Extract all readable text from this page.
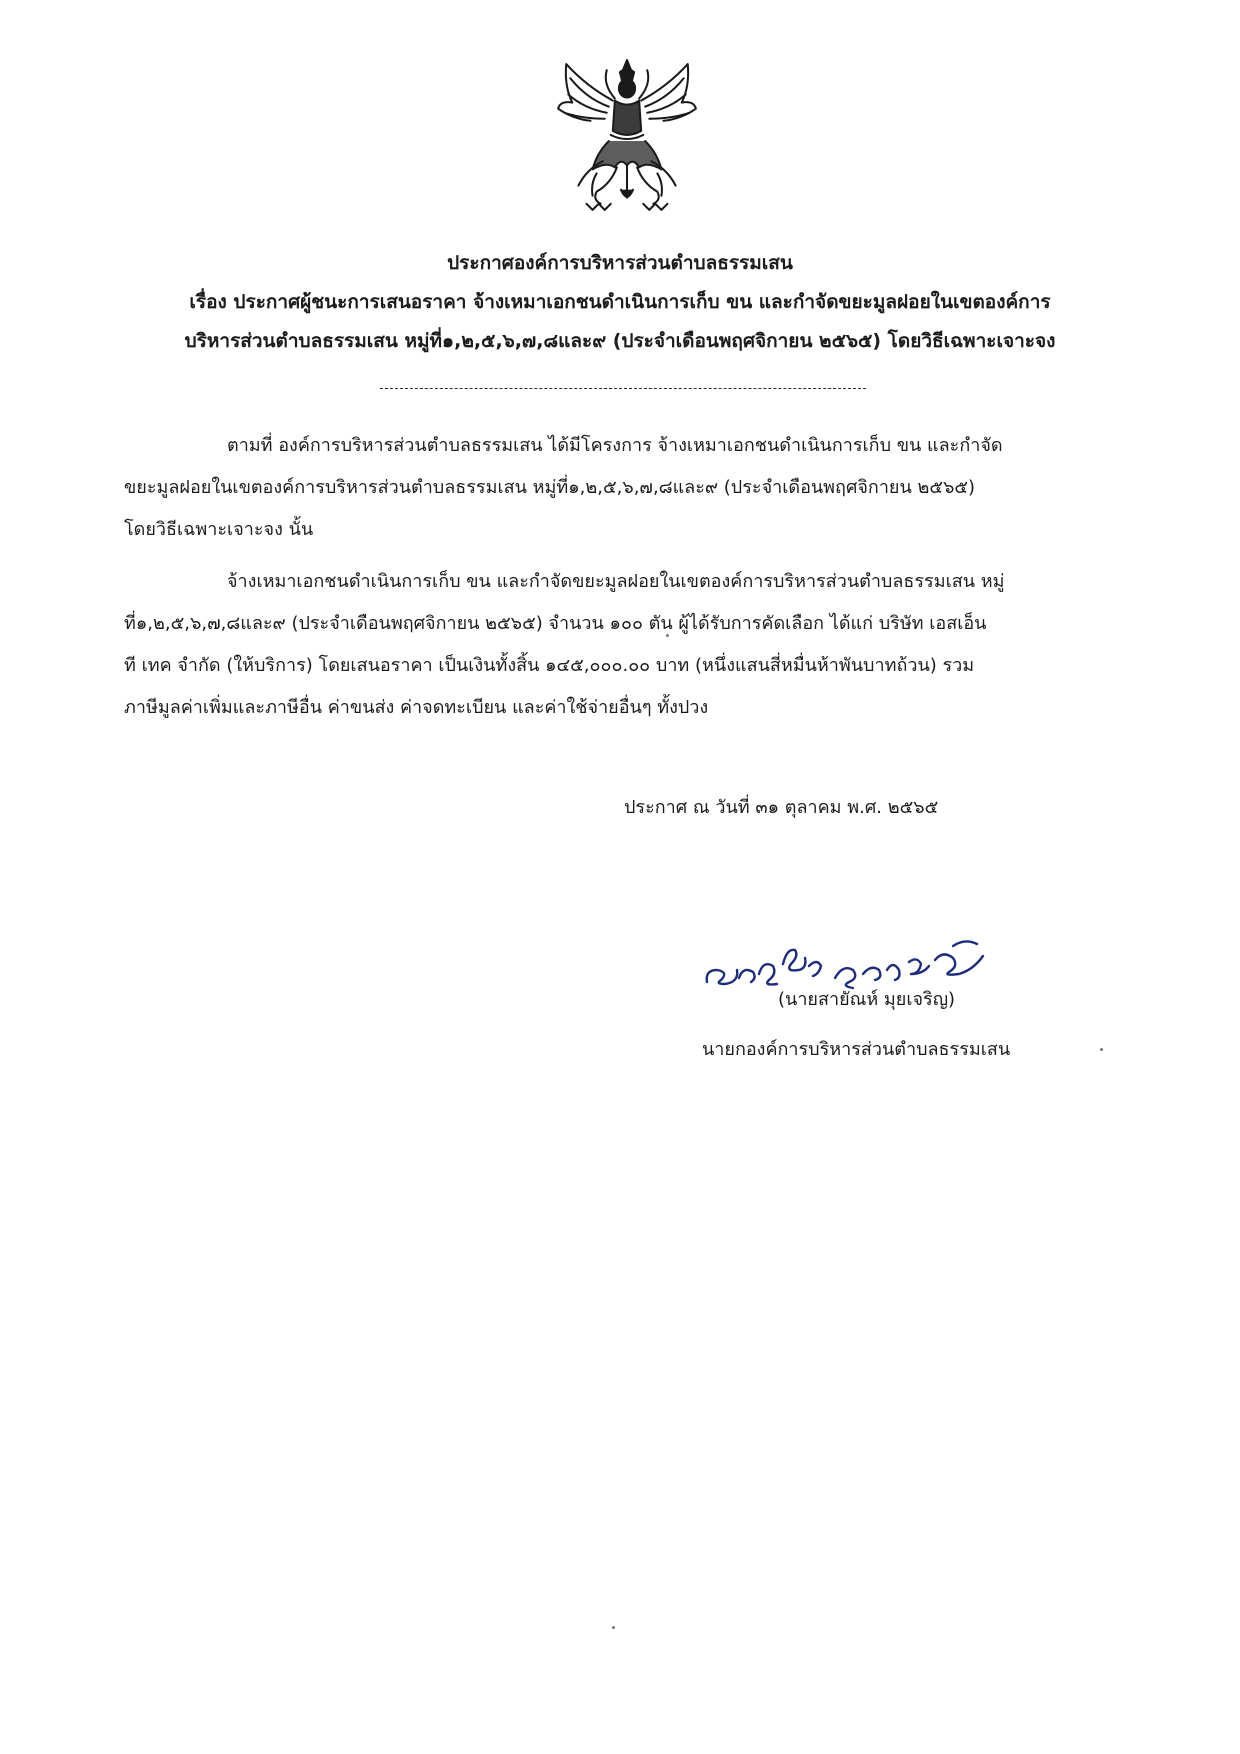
ประกาศองค์การบริหารส่วนตำบลธรรมเสน
เรื่อง ประกาศผู้ชนะการเสนอราคา จ้างเหมาเอกชนดำเนินการเก็บ ขน และกำจัดขยะมูลฝอยในเขตองค์การ
บริหารส่วนตำบลธรรมเสน หมู่ที่๑,๒,๕,๖,๗,๘และ๙ (ประจำเดือนพฤศจิกายน ๒๕๖๕) โดยวิธีเฉพาะเจาะจง
ตามที่ องค์การบริหารส่วนตำบลธรรมเสน ได้มีโครงการ จ้างเหมาเอกชนดำเนินการเก็บ ขน และกำจัด
ขยะมูลฝอยในเขตองค์การบริหารส่วนตำบลธรรมเสน หมู่ที่๑,๒,๕,๖,๗,๘และ๙ (ประจำเดือนพฤศจิกายน ๒๕๖๕)
โดยวิธีเฉพาะเจาะจง นั้น
จ้างเหมาเอกชนดำเนินการเก็บ ขน และกำจัดขยะมูลฝอยในเขตองค์การบริหารส่วนตำบลธรรมเสน หมู่
ที่๑,๒,๕,๖,๗,๘และ๙ (ประจำเดือนพฤศจิกายน ๒๕๖๕) จำนวน ๑๐๐ ตัน ผู้ได้รับการคัดเลือก ได้แก่ บริษัท เอสเอ็น
ที เทค จำกัด (ให้บริการ) โดยเสนอราคา เป็นเงินทั้งสิ้น ๑๔๕,๐๐๐.๐๐ บาท (หนึ่งแสนสี่หมื่นห้าพันบาทถ้วน) รวม
ภาษีมูลค่าเพิ่มและภาษีอื่น ค่าขนส่ง ค่าจดทะเบียน และค่าใช้จ่ายอื่นๆ ทั้งปวง
ประกาศ ณ วันที่ ๓๑ ตุลาคม พ.ศ. ๒๕๖๕
(นายสายัณห์ มุยเจริญ)
นายกองค์การบริหารส่วนตำบลธรรมเสน
